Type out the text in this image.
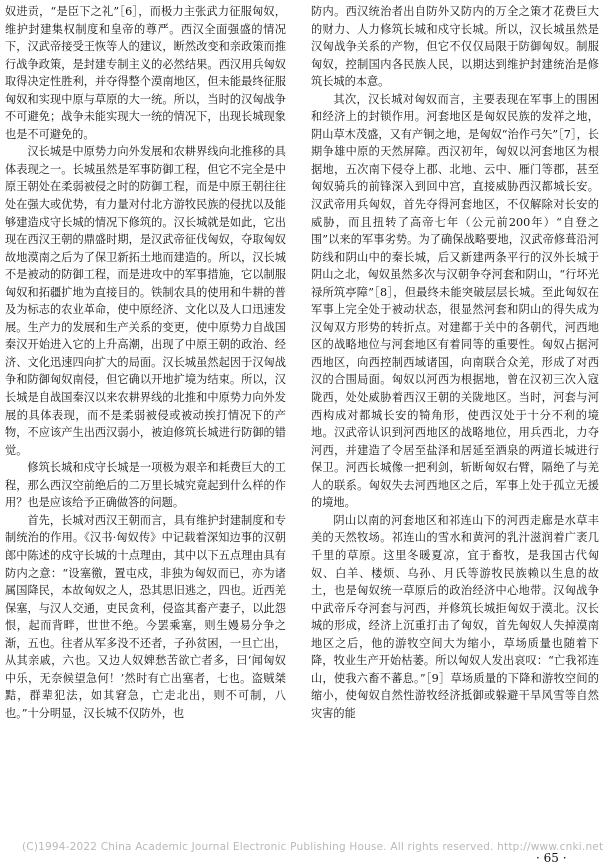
奴进贡，“是臣下之礼”［6］，而极力主张武力征服匈奴，维护封建集权制度和皇帝的尊严。西汉全面强盛的情况下，汉武帝接受王恢等人的建议，断然改变和亲政策而推行战争政策，是封建专制主义的必然结果。西汉用兵匈奴取得决定性胜利，并夺得整个漠南地区，但未能最终征服匈奴和实现中原与草原的大一统。所以，当时的汉匈战争不可避免；战争未能实现大一统的情况下，出现长城现象也是不可避免的。

汉长城是中原势力向外发展和农耕界线向北推移的具体表现之一。长城虽然是军事防御工程，但它不完全是中原王朝处在柔弱被侵之时的防御工程，而是中原王朝往往处在强大或优势，有力量对付北方游牧民族的侵扰以及能够建造戍守长城的情况下修筑的。汉长城就是如此，它出现在西汉王朝的鼎盛时期，是汉武帝征伐匈奴，夺取匈奴故地漠南之后为了保卫新拓土地而建造的。所以，汉长城不是被动的防御工程，而是进攻中的军事措施，它以制服匈奴和拓疆扩地为直接目的。铁制农具的使用和牛耕的普及为标志的农业革命，使中原经济、文化以及人口迅速发展。生产力的发展和生产关系的变更，使中原势力自战国秦汉开始进入它的上升高潮，出现了中原王朝的政治、经济、文化迅速四向扩大的局面。汉长城虽然起因于汉匈战争和防御匈奴南侵，但它确以开地扩境为结束。所以，汉长城是自战国秦汉以来农耕界线的北推和中原势力向外发展的具体表现，而不是柔弱被侵或被动挨打情况下的产物，不应该产生出西汉弱小，被迫修筑长城进行防御的错觉。

修筑长城和戍守长城是一项极为艰辛和耗费巨大的工程，那么西汉空前绝后的二万里长城究竟起到什么样的作用？也是应该给予正确做答的问题。

首先，长城对西汉王朝而言，具有维护封建制度和专制统治的作用。《汉书·匈奴传》中记载着深知边事的汉朝郎中陈述的戍守长城的十点理由，其中以下五点理由具有防内之意：“设塞徼，置屯戍，非独为匈奴而已，亦为诸属国降民，本故匈奴之人，恐其思旧逃之，四也。近西羌保塞，与汉人交通，吏民贪利，侵盗其畜产妻子，以此怨恨，起而背畔，世世不绝。今罢乘塞，则生嫚易分争之渐，五也。往者从军多没不还者，子孙贫困，一旦亡出，从其亲戚，六也。又边人奴婢愁苦欲亡者多，曰‘闻匈奴中乐，无奈候望急何！’然时有亡出塞者，七也。盗贼桀黠，群辈犯法，如其窘急，亡走北出，则不可制，八也。”十分明显，汉长城不仅防外，也

防内。西汉统治者出自防外又防内的万全之策才花费巨大的财力、人力修筑长城和戍守长城。所以，汉长城虽然是汉匈战争关系的产物，但它不仅仅局限于防御匈奴。制服匈奴，控制国内各民族人民，以期达到维护封建统治是修筑长城的本意。

其次，汉长城对匈奴而言，主要表现在军事上的围困和经济上的封锁作用。河套地区是匈奴民族的发祥之地，阴山草木茂盛，又有产铜之地，是匈奴“治作弓矢”［7］，长期争雄中原的天然屏障。西汉初年，匈奴以河套地区为根据地，五次南下侵夺上郡、北地、云中、雁门等郡，甚至匈奴骑兵的前锋深入到回中宫，直接威胁西汉都城长安。汉武帝用兵匈奴，首先夺得河套地区，不仅解除对长安的威胁，而且扭转了高帝七年（公元前200年）“自登之围”以来的军事劣势。为了确保战略要地，汉武帝修葺沿河防线和阴山中的秦长城，后又新建两条平行的汉外长城于阴山之北，匈奴虽然多次与汉朝争夺河套和阴山，“行坏光禄所筑亭障”［8］，但最终未能突破层层长城。至此匈奴在军事上完全处于被动状态，很显然河套和阴山的得失成为汉匈双方形势的转折点。对建都于关中的各朝代，河西地区的战略地位与河套地区有着同等的重要性。匈奴占据河西地区，向西控制西域诸国，向南联合众羌，形成了对西汉的合围局面。匈奴以河西为根据地，曾在汉初三次入寇陇西，处处威胁着西汉王朝的关陇地区。当时，河套与河西构成对都城长安的犄角形，使西汉处于十分不利的境地。汉武帝认识到河西地区的战略地位，用兵西北，力夺河西，并建造了令居至盐泽和居延至酒泉的两道长城进行保卫。河西长城像一把利剑，斩断匈奴右臂，隔绝了与羌人的联系。匈奴失去河西地区之后，军事上处于孤立无援的境地。

阴山以南的河套地区和祁连山下的河西走廊是水草丰美的天然牧场。祁连山的雪水和黄河的乳汁滋润着广袤几千里的草原。这里冬暖夏凉，宜于畜牧，是我国古代匈奴、白羊、楼烦、乌孙、月氏等游牧民族赖以生息的故土，也是匈奴统一草原后的政治经济中心地带。汉匈战争中武帝斥夺河套与河西，并修筑长城拒匈奴于漠北。汉长城的形成，经济上沉重打击了匈奴，首先匈奴人失掉漠南地区之后，他的游牧空间大为缩小，草场质量也随着下降，牧业生产开始枯萎。所以匈奴人发出哀叹：“亡我祁连山，使我六畜不蕃息。”［9］草场质量的下降和游牧空间的缩小，使匈奴自然性游牧经济抵御或躲避干旱风雪等自然灾害的能

(C)1994-2022 China Academic Journal Electronic Publishing House. All rights reserved. http://www.cnki.net
· 65 ·
